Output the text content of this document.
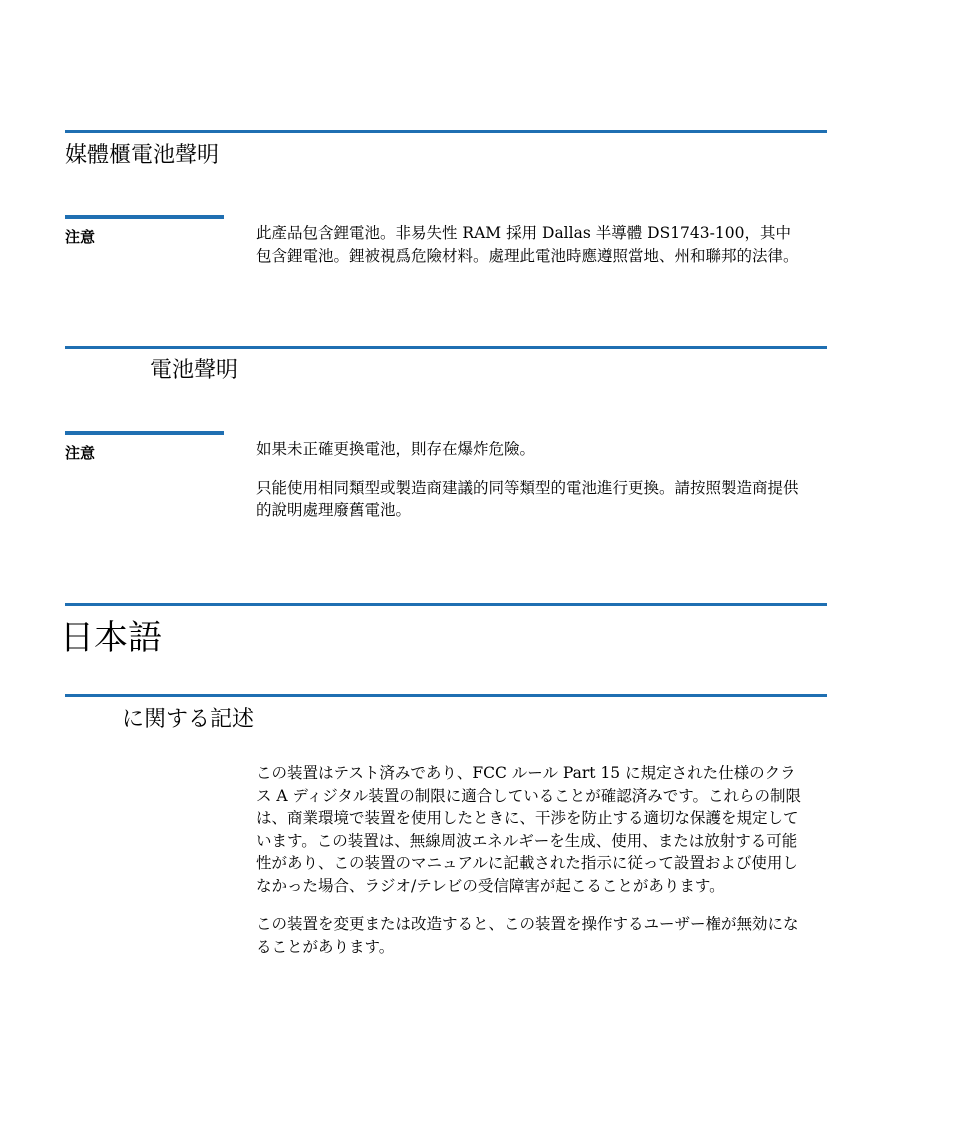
媒體櫃電池聲明
注意	此產品包含鋰電池。非易失性 RAM 採用 Dallas 半導體 DS1743-100，其中包含鋰電池。鋰被視爲危險材料。處理此電池時應遵照當地、州和聯邦的法律。

電池聲明
注意	如果未正確更換電池，則存在爆炸危險。

只能使用相同類型或製造商建議的同等類型的電池進行更換。請按照製造商提供的說明處理廢舊電池。

日本語
に関する記述

この装置はテスト済みであり、FCC ルール Part 15 に規定された仕様のクラス A ディジタル装置の制限に適合していることが確認済みです。これらの制限は、商業環境で装置を使用したときに、干渉を防止する適切な保護を規定しています。この装置は、無線周波エネルギーを生成、使用、または放射する可能性があり、この装置のマニュアルに記載された指示に従って設置および使用しなかった場合、ラジオ/テレビの受信障害が起こることがあります。

この装置を変更または改造すると、この装置を操作するユーザー権が無効になることがあります。
